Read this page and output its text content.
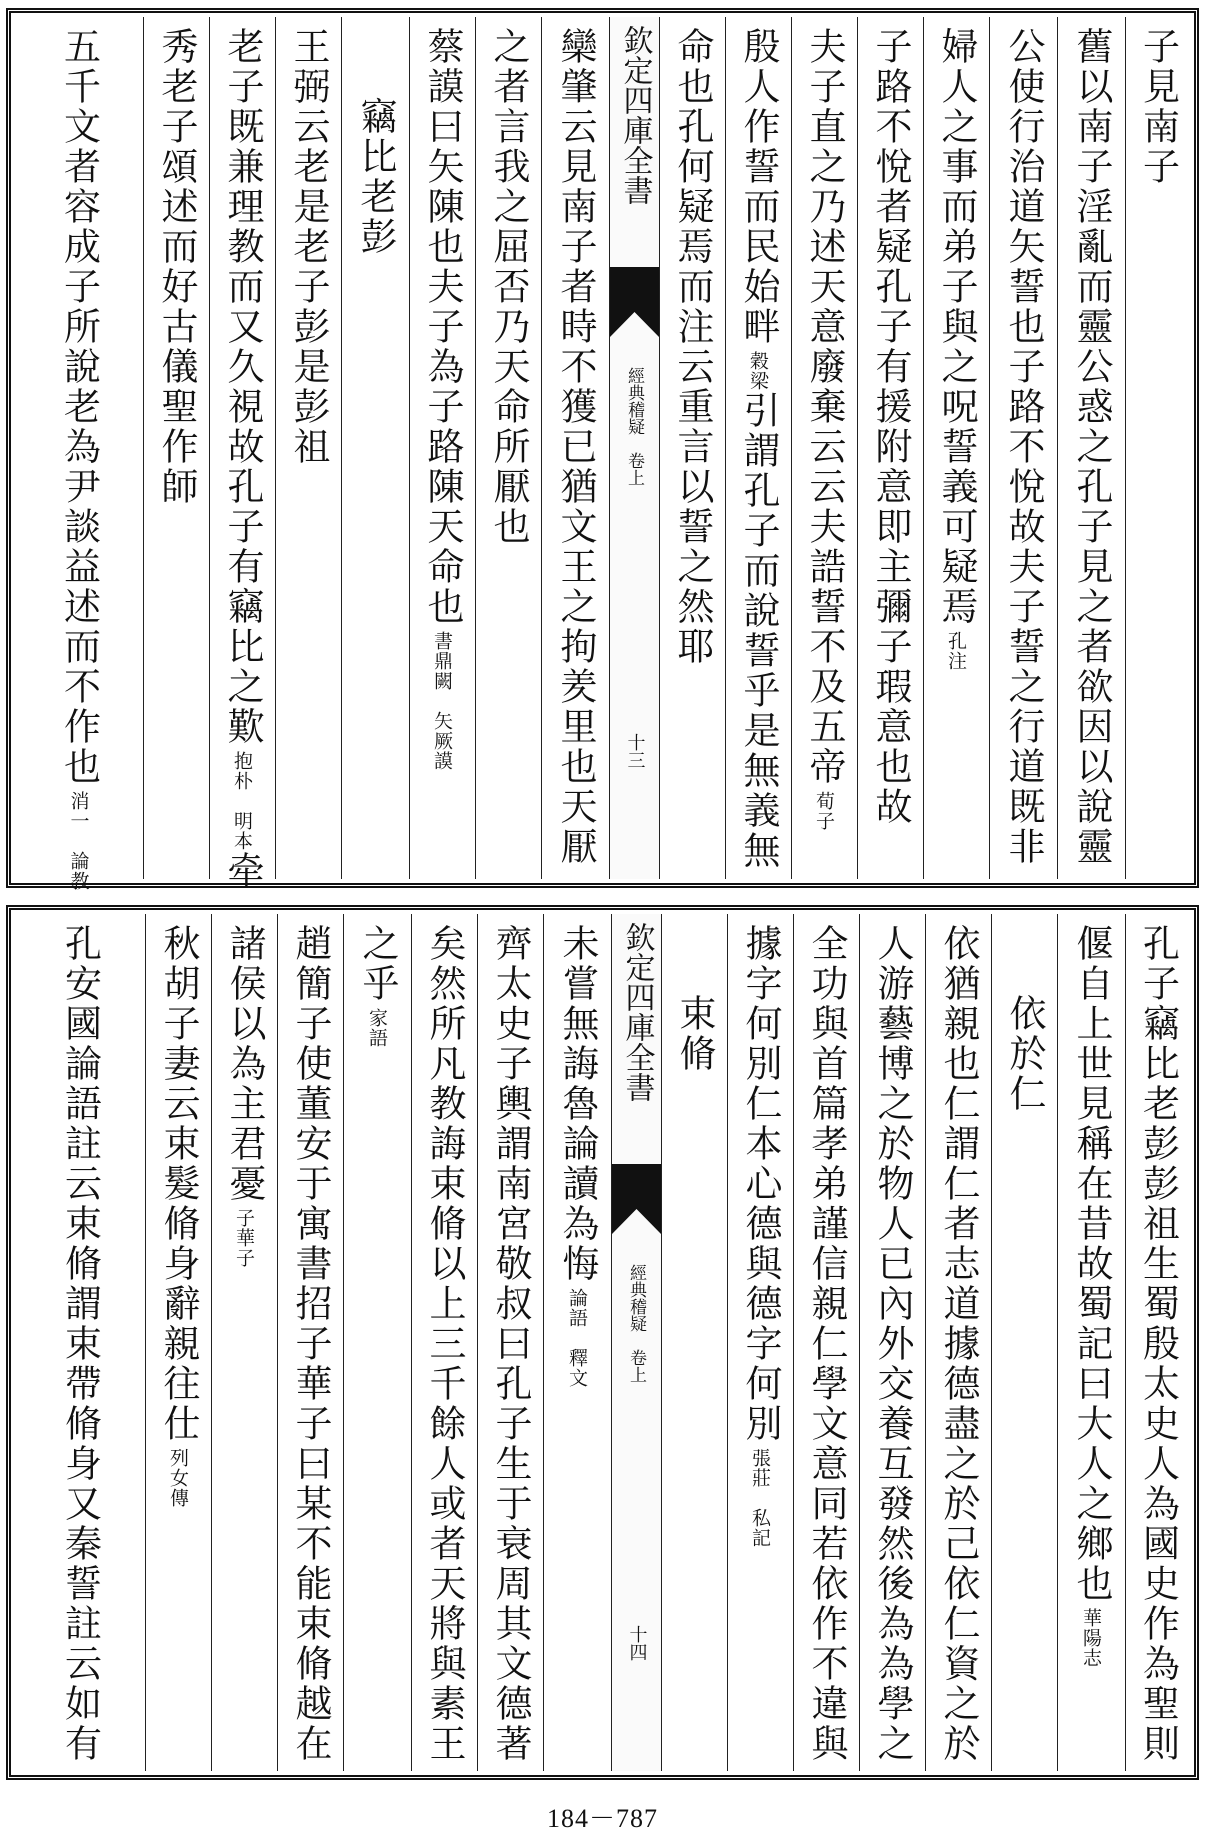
子見南子
舊以南子淫亂而靈公惑之孔子見之者欲因以說靈
公使行治道矢誓也子路不悅故夫子誓之行道既非
婦人之事而弟子與之呪誓義可疑焉孔注
子路不悅者疑孔子有援附意即主彌子瑕意也故
夫子直之乃述天意廢棄云云夫誥誓不及五帝荀子
殷人作誓而民始畔穀梁引謂孔子而說誓乎是無義無
命也孔何疑焉而注云重言以誓之然耶
欽定四庫全書
經典稽疑　卷上
十三
欒肇云見南子者時不獲已猶文王之拘羑里也天厭
之者言我之屈否乃天命所厭也
蔡謨曰矢陳也夫子為子路陳天命也書鼎闕　矢厥謨
竊比老彭
王弼云老是老子彭是彭祖
老子既兼理教而又久視故孔子有竊比之歎抱朴　明本牵
秀老子頌述而好古儀聖作師
五千文者容成子所說老為尹談益述而不作也消一　論教
孔子竊比老彭彭祖生蜀殷太史人為國史作為聖則
偃自上世見稱在昔故蜀記曰大人之鄉也華陽志
依於仁
依猶親也仁謂仁者志道據德盡之於己依仁資之於
人游藝博之於物人已內外交養互發然後為為學之
全功與首篇孝弟謹信親仁學文意同若依作不違與
據字何別仁本心德與德字何別張莊　私記
束脩
欽定四庫全書
經典稽疑　卷上
十四
未嘗無誨魯論讀為悔論語　釋文
齊太史子輿謂南宮敬叔曰孔子生于衰周其文德著
矣然所凡教誨束脩以上三千餘人或者天將與素王
之乎家語
趙簡子使董安于寓書招子華子曰某不能束脩越在
諸侯以為主君憂子華子
秋胡子妻云束髮脩身辭親往仕列女傳
孔安國論語註云束脩謂束帶脩身又秦誓註云如有
184－787
